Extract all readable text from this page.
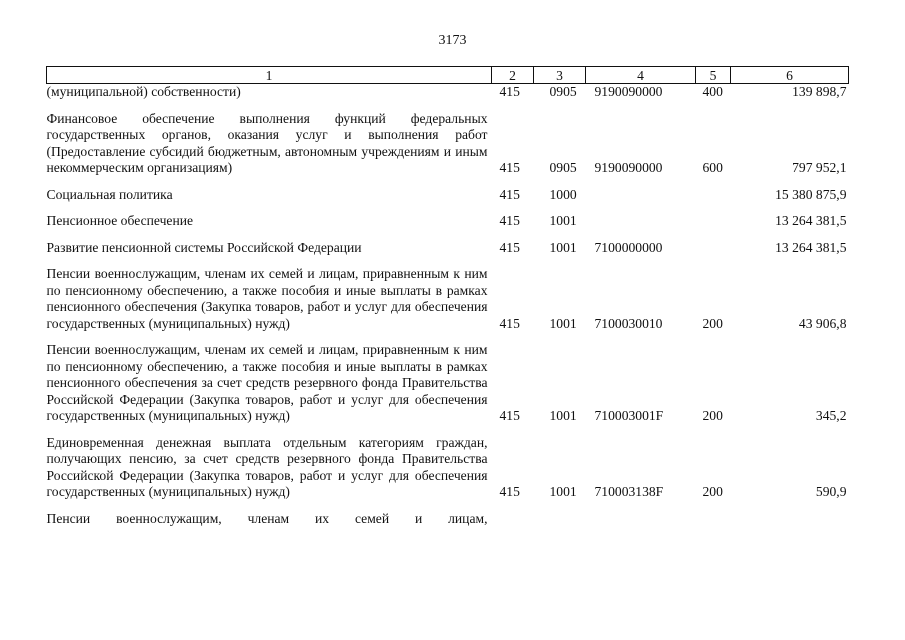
3173
1	2	3	4	5	6
(муниципальной) собственности)	415	0905	9190090000	400	139 898,7

Финансовое обеспечение выполнения функций федеральных государственных органов, оказания услуг и выполнения работ (Предоставление субсидий бюджетным, автономным учреждениям и иным некоммерческим организациям)	415	0905	9190090000	600	797 952,1

Социальная политика	415	1000			15 380 875,9

Пенсионное обеспечение	415	1001			13 264 381,5

Развитие пенсионной системы Российской Федерации	415	1001	7100000000		13 264 381,5

Пенсии военнослужащим, членам их семей и лицам, приравненным к ним по пенсионному обеспечению, а также пособия и иные выплаты в рамках пенсионного обеспечения (Закупка товаров, работ и услуг для обеспечения государственных (муниципальных) нужд)	415	1001	7100030010	200	43 906,8

Пенсии военнослужащим, членам их семей и лицам, приравненным к ним по пенсионному обеспечению, а также пособия и иные выплаты в рамках пенсионного обеспечения за счет средств резервного фонда Правительства Российской Федерации (Закупка товаров, работ и услуг для обеспечения государственных (муниципальных) нужд)	415	1001	710003001F	200	345,2

Единовременная денежная выплата отдельным категориям граждан, получающих пенсию, за счет средств резервного фонда Правительства Российской Федерации (Закупка товаров, работ и услуг для обеспечения государственных (муниципальных) нужд)	415	1001	710003138F	200	590,9

Пенсии военнослужащим, членам их семей и лицам,					
